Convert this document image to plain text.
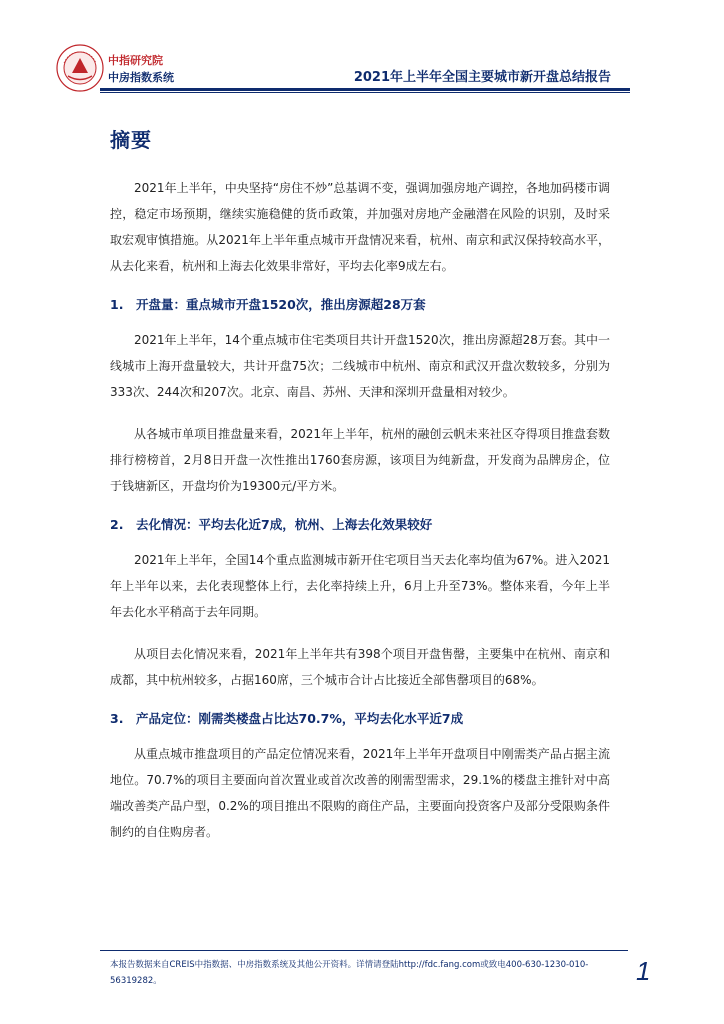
中指研究院
中房指数系统	2021年上半年全国主要城市新开盘总结报告
摘要

2021年上半年，中央坚持“房住不炒”总基调不变，强调加强房地产调控，各地加码楼市调控，稳定市场预期，继续实施稳健的货币政策，并加强对房地产金融潜在风险的识别，及时采取宏观审慎措施。从2021年上半年重点城市开盘情况来看，杭州、南京和武汉保持较高水平，从去化来看，杭州和上海去化效果非常好，平均去化率9成左右。

1. 开盘量：重点城市开盘1520次，推出房源超28万套

2021年上半年，14个重点城市住宅类项目共计开盘1520次，推出房源超28万套。其中一线城市上海开盘量较大，共计开盘75次；二线城市中杭州、南京和武汉开盘次数较多，分别为333次、244次和207次。北京、南昌、苏州、天津和深圳开盘量相对较少。

从各城市单项目推盘量来看，2021年上半年，杭州的融创云帆未来社区夺得项目推盘套数排行榜榜首，2月8日开盘一次性推出1760套房源，该项目为纯新盘，开发商为品牌房企，位于钱塘新区，开盘均价为19300元/平方米。

2. 去化情况：平均去化近7成，杭州、上海去化效果较好

2021年上半年，全国14个重点监测城市新开住宅项目当天去化率均值为67%。进入2021年上半年以来，去化表现整体上行，去化率持续上升，6月上升至73%。整体来看，今年上半年去化水平稍高于去年同期。

从项目去化情况来看，2021年上半年共有398个项目开盘售罄，主要集中在杭州、南京和成都，其中杭州较多，占据160席，三个城市合计占比接近全部售罄项目的68%。

3. 产品定位：刚需类楼盘占比达70.7%，平均去化水平近7成

从重点城市推盘项目的产品定位情况来看，2021年上半年开盘项目中刚需类产品占据主流地位。70.7%的项目主要面向首次置业或首次改善的刚需型需求，29.1%的楼盘主推针对中高端改善类产品户型，0.2%的项目推出不限购的商住产品，主要面向投资客户及部分受限购条件制约的自住购房者。

本报告数据来自CREIS中指数据、中房指数系统及其他公开资料。详情请登陆http://fdc.fang.com或致电400-630-1230-010-56319282。	1
